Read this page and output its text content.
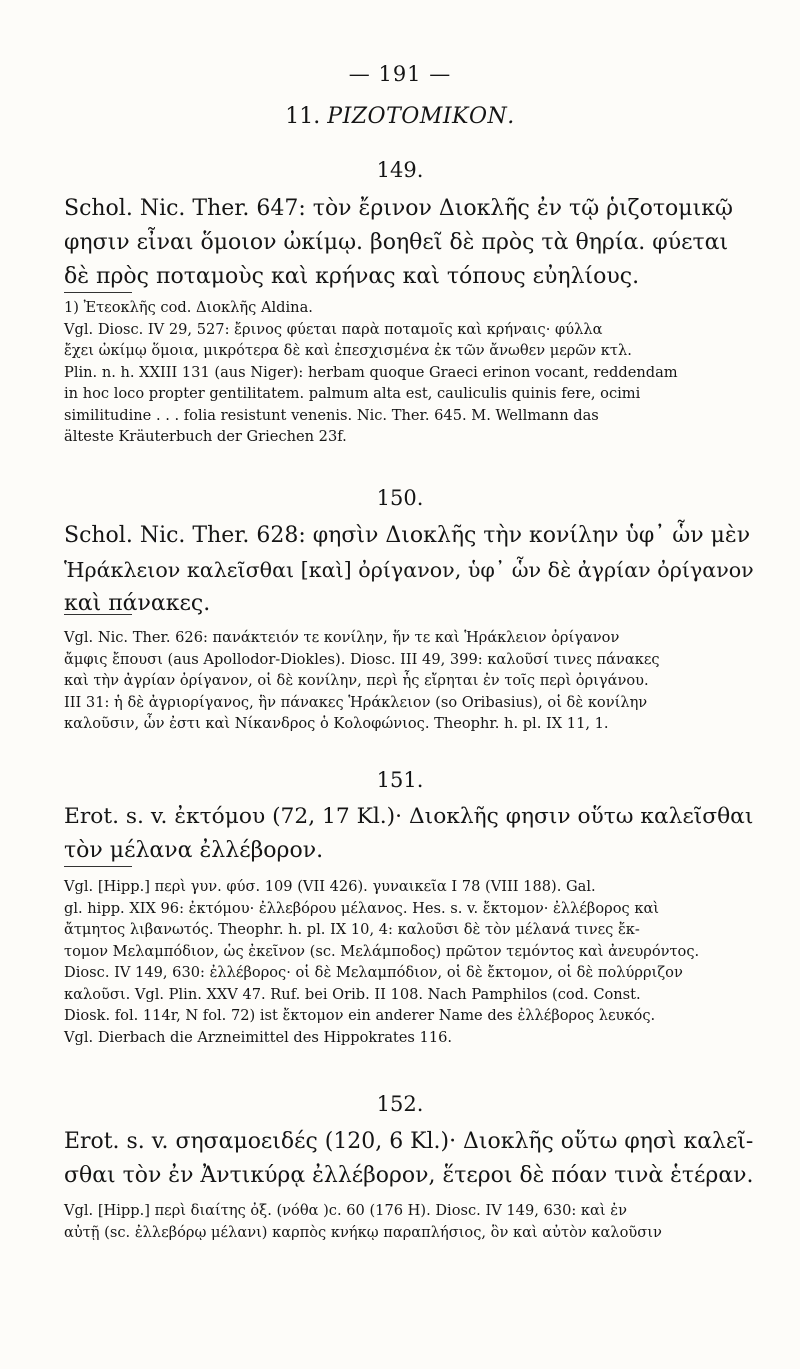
— 191 —
11. ΡΙΖΟΤΟΜΙΚΟΝ.
149.
Schol. Nic. Ther. 647: τὸν ἔρινον Διοκλῆς ἐν τῷ ῥιζοτομικῷ
φησιν εἶναι ὅμοιον ὠκίμῳ. βοηθεῖ δὲ πρὸς τὰ θηρία. φύεται
δὲ πρὸς ποταμοὺς καὶ κρήνας καὶ τόπους εὐηλίους.
1) Ἐτεοκλῆς cod. Διοκλῆς Aldina.
Vgl. Diosc. IV 29, 527: ἔρινος φύεται παρὰ ποταμοῖς καὶ κρήναις· φύλλα
ἔχει ὠκίμῳ ὅμοια, μικρότερα δὲ καὶ ἐπεσχισμένα ἐκ τῶν ἄνωθεν μερῶν κτλ.
Plin. n. h. XXIII 131 (aus Niger): herbam quoque Graeci erinon vocant, reddendam
in hoc loco propter gentilitatem. palmum alta est, cauliculis quinis fere, ocimi
similitudine . . . folia resistunt venenis. Nic. Ther. 645. M. Wellmann das
älteste Kräuterbuch der Griechen 23f.
150.
Schol. Nic. Ther. 628: φησὶν Διοκλῆς τὴν κονίλην ὑφ᾽ ὧν μὲν
Ἡράκλειον καλεῖσθαι [καὶ] ὀρίγανον, ὑφ᾽ ὧν δὲ ἀγρίαν ὀρίγανον
καὶ πάνακες.
Vgl. Nic. Ther. 626: πανάκτειόν τε κονίλην, ἥν τε καὶ Ἡράκλειον ὀρίγανον
ἄμφις ἔπουσι (aus Apollodor-Diokles). Diosc. III 49, 399: καλοῦσί τινες πάνακες
καὶ τὴν ἀγρίαν ὀρίγανον, οἱ δὲ κονίλην, περὶ ἧς εἴρηται ἐν τοῖς περὶ ὀριγάνου.
III 31: ἡ δὲ ἀγριορίγανος, ἣν πάνακες Ἡράκλειον (so Oribasius), οἱ δὲ κονίλην
καλοῦσιν, ὧν ἐστι καὶ Νίκανδρος ὁ Κολοφώνιος. Theophr. h. pl. IX 11, 1.
151.
Erot. s. v. ἐκτόμου (72, 17 Kl.)· Διοκλῆς φησιν οὕτω καλεῖσθαι
τὸν μέλανα ἐλλέβορον.
Vgl. [Hipp.] περὶ γυν. φύσ. 109 (VII 426). γυναικεῖα I 78 (VIII 188). Gal.
gl. hipp. XIX 96: ἐκτόμου· ἐλλεβόρου μέλανος. Hes. s. v. ἔκτομον· ἐλλέβορος καὶ
ἄτμητος λιβανωτός. Theophr. h. pl. IX 10, 4: καλοῦσι δὲ τὸν μέλανά τινες ἔκ-
τομον Μελαμπόδιον, ὡς ἐκεῖνον (sc. Μελάμποδος) πρῶτον τεμόντος καὶ ἀνευρόντος.
Diosc. IV 149, 630: ἐλλέβορος· οἱ δὲ Μελαμπόδιον, οἱ δὲ ἔκτομον, οἱ δὲ πολύρριζον
καλοῦσι. Vgl. Plin. XXV 47. Ruf. bei Orib. II 108. Nach Pamphilos (cod. Const.
Diosk. fol. 114r, N fol. 72) ist ἔκτομον ein anderer Name des ἐλλέβορος λευκός.
Vgl. Dierbach die Arzneimittel des Hippokrates 116.
152.
Erot. s. v. σησαμοειδές (120, 6 Kl.)· Διοκλῆς οὕτω φησὶ καλεῖ-
σθαι τὸν ἐν Ἀντικύρᾳ ἐλλέβορον, ἕτεροι δὲ πόαν τινὰ ἑτέραν.
Vgl. [Hipp.] περὶ διαίτης ὀξ. (νόθα )c. 60 (176 H). Diosc. IV 149, 630: καὶ ἐν
αὐτῇ (sc. ἐλλεβόρῳ μέλανι) καρπὸς κνήκῳ παραπλήσιος, ὃν καὶ αὐτὸν καλοῦσιν
